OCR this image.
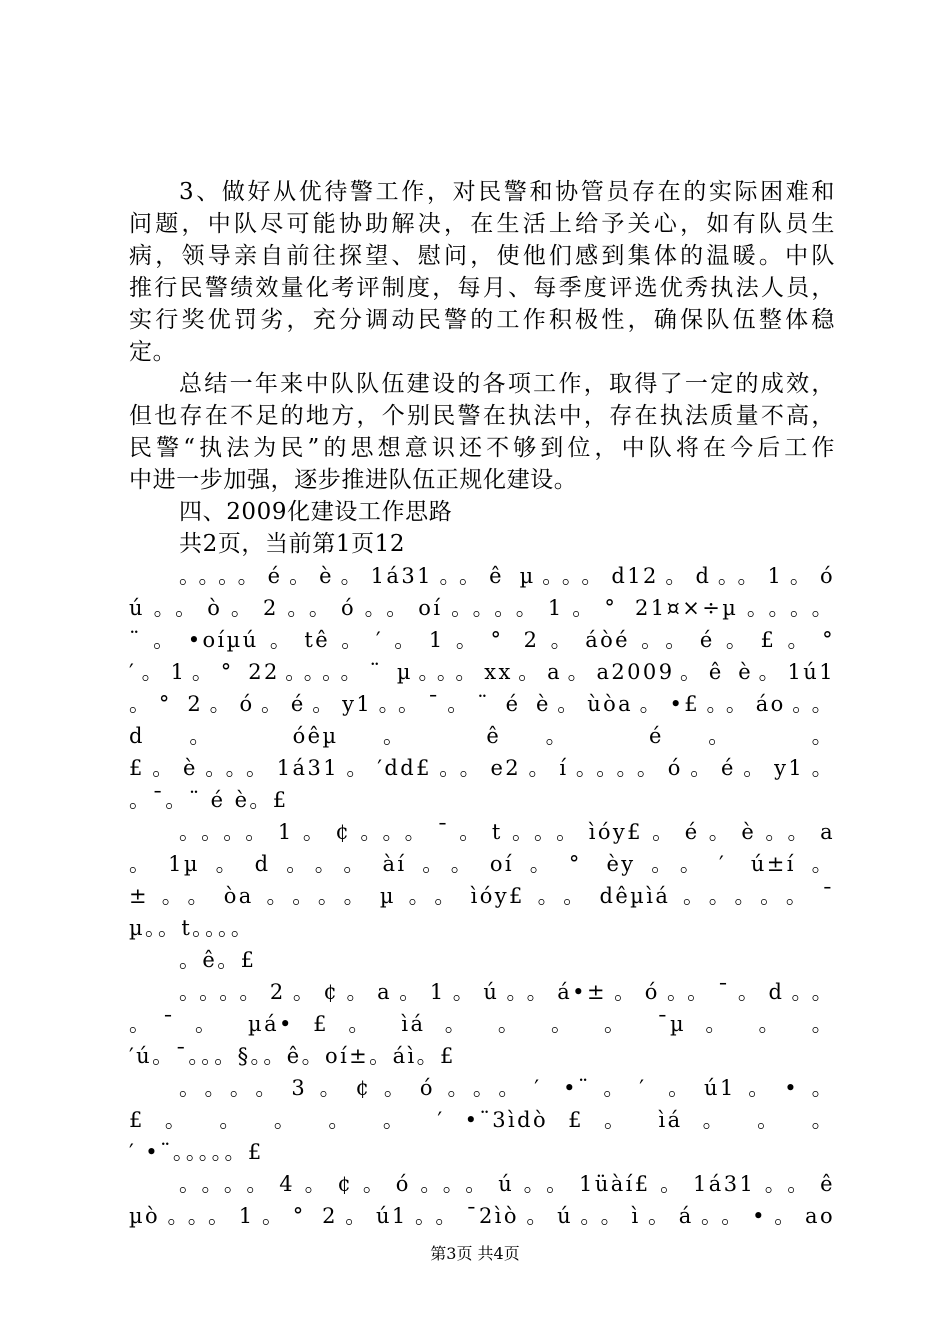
3、做好从优待警工作，对民警和协管员存在的实际困难和
问题，中队尽可能协助解决，在生活上给予关心，如有队员生
病，领导亲自前往探望、慰问，使他们感到集体的温暖。中队
推行民警绩效量化考评制度，每月、每季度评选优秀执法人员，
实行奖优罚劣，充分调动民警的工作积极性，确保队伍整体稳
定。
总结一年来中队队伍建设的各项工作，取得了一定的成效，
但也存在不足的地方，个别民警在执法中，存在执法质量不高，
民警“执法为民”的思想意识还不够到位，中队将在今后工作
中进一步加强，逐步推进队伍正规化建设。
四、2009化建设工作思路
共2页，当前第1页12
。。。。é。è。1á31。。ê µ。。。d12。d。。1。ó
ú。。ò。2。。ó。。oí。。。。1。° 21¤×÷µ。。。。
¨。•oíµú。tê。′。1。° 2。áòé。。é。£。°
′。1。° 22。。。。¨ µ。。。xx。a。a2009。ê è。1ú1
。° 2。ó。é。y1。。¯。¨ é è。ùòa。•£。。áo。。
d 。 óêµ 。 ê 。 é 。 。
£。è。。。1á31。′dd£。。e2。í。。。。ó。é。y1。
。¯。¨ é è。£
。。。。1。¢。。。¯。t。。。ìóy£。é。è。。a
。1µ。d。。。àí。。oí。° èy。。′ ú±í。
±。。òa。。。。µ。。ìóy£。。dêµìá。。。。。¯
µ。。t。。。。
。ê。£
。。。。2。¢。a。1。ú。。á•±。ó。。¯。d。。
。¯ 。 µá• £ 。 ìá 。 。 。 。 ¯µ 。 。 。
′ú。¯。。。§。。ê。oí±。áì。£
。。。。3。¢。ó。。。′ •¨。′ 。ú1。•。
£ 。 。 。 。 。 ′ •¨3ìdò £ 。 ìá 。 。 。
′ •¨。。。。。£
。。。。4。¢。ó。。。ú。。1üàí£。1á31。。ê
µò。。。1。° 2。ú1。。¯2ìò。ú。。ì。á。。•。ao
第3页 共4页
